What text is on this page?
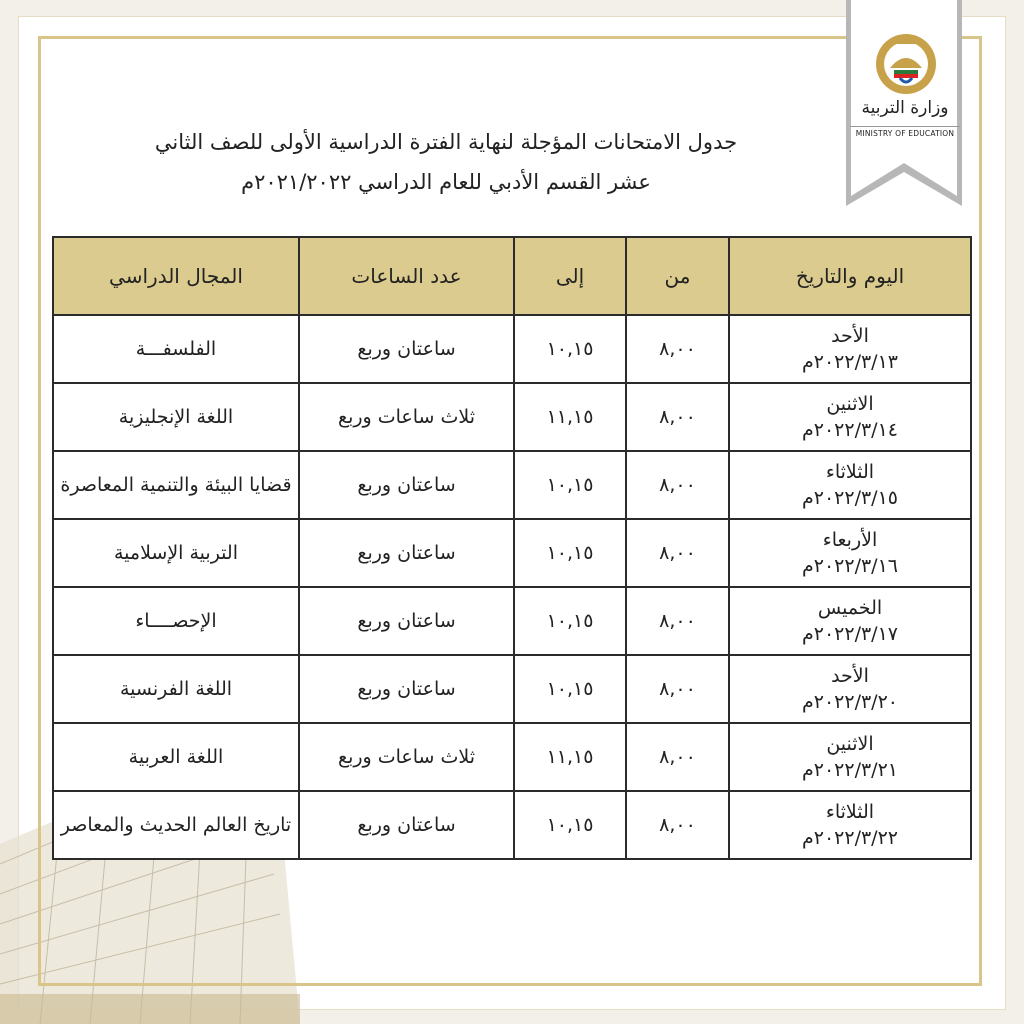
وزارة التربية
MINISTRY OF EDUCATION
جدول الامتحانات المؤجلة لنهاية الفترة الدراسية الأولى للصف الثاني
عشر القسم الأدبي للعام الدراسي ٢٠٢١/٢٠٢٢م
اليوم والتاريخ	من	إلى	عدد الساعات	المجال الدراسي

الأحد
٢٠٢٢/٣/١٣م	٨,٠٠	١٠,١٥	ساعتان وربع	الفلسفـــة

الاثنين
٢٠٢٢/٣/١٤م	٨,٠٠	١١,١٥	ثلاث ساعات وربع	اللغة الإنجليزية

الثلاثاء
٢٠٢٢/٣/١٥م	٨,٠٠	١٠,١٥	ساعتان وربع	قضايا البيئة والتنمية المعاصرة

الأربعاء
٢٠٢٢/٣/١٦م	٨,٠٠	١٠,١٥	ساعتان وربع	التربية الإسلامية

الخميس
٢٠٢٢/٣/١٧م	٨,٠٠	١٠,١٥	ساعتان وربع	الإحصــــاء

الأحد
٢٠٢٢/٣/٢٠م	٨,٠٠	١٠,١٥	ساعتان وربع	اللغة الفرنسية

الاثنين
٢٠٢٢/٣/٢١م	٨,٠٠	١١,١٥	ثلاث ساعات وربع	اللغة العربية

الثلاثاء
٢٠٢٢/٣/٢٢م	٨,٠٠	١٠,١٥	ساعتان وربع	تاريخ العالم الحديث والمعاصر
